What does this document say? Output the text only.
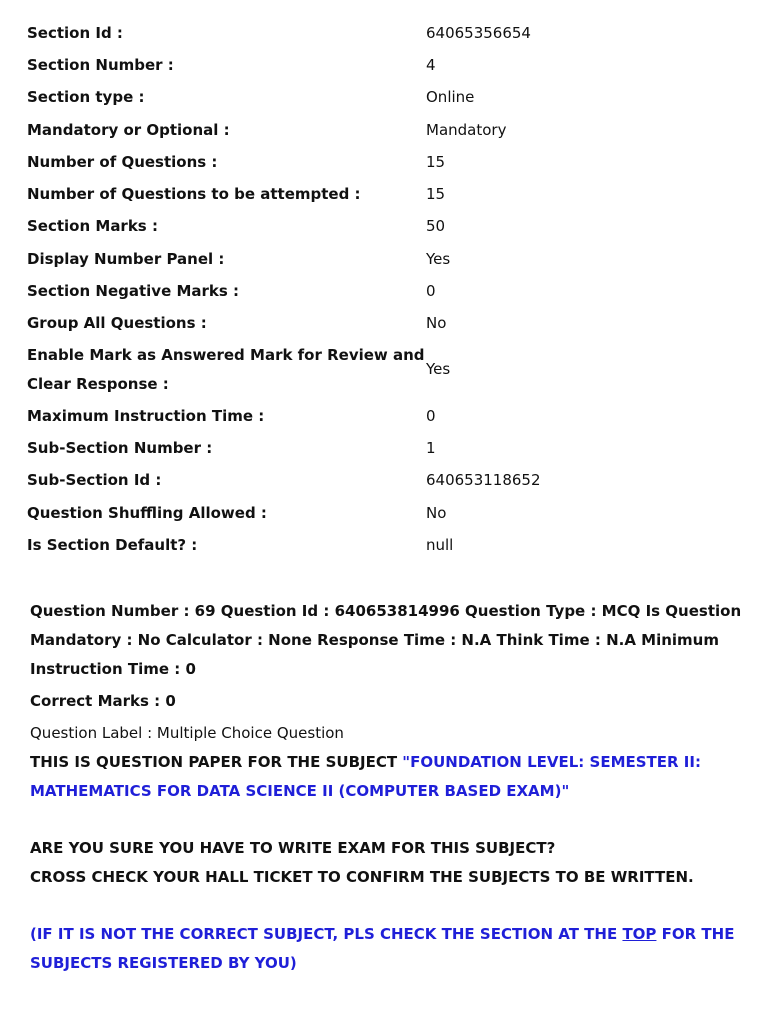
Section Id :	64065356654
Section Number :	4
Section type :	Online
Mandatory or Optional :	Mandatory
Number of Questions :	15
Number of Questions to be attempted :	15
Section Marks :	50
Display Number Panel :	Yes
Section Negative Marks :	0
Group All Questions :	No
Enable Mark as Answered Mark for Review and Clear Response :	Yes
Maximum Instruction Time :	0
Sub-Section Number :	1
Sub-Section Id :	640653118652
Question Shuffling Allowed :	No
Is Section Default? :	null
Question Number : 69 Question Id : 640653814996 Question Type : MCQ Is Question Mandatory : No Calculator : None Response Time : N.A Think Time : N.A Minimum Instruction Time : 0
Correct Marks : 0
Question Label : Multiple Choice Question
THIS IS QUESTION PAPER FOR THE SUBJECT "FOUNDATION LEVEL: SEMESTER II: MATHEMATICS FOR DATA SCIENCE II (COMPUTER BASED EXAM)"
ARE YOU SURE YOU HAVE TO WRITE EXAM FOR THIS SUBJECT?
CROSS CHECK YOUR HALL TICKET TO CONFIRM THE SUBJECTS TO BE WRITTEN.
(IF IT IS NOT THE CORRECT SUBJECT, PLS CHECK THE SECTION AT THE TOP FOR THE SUBJECTS REGISTERED BY YOU)
